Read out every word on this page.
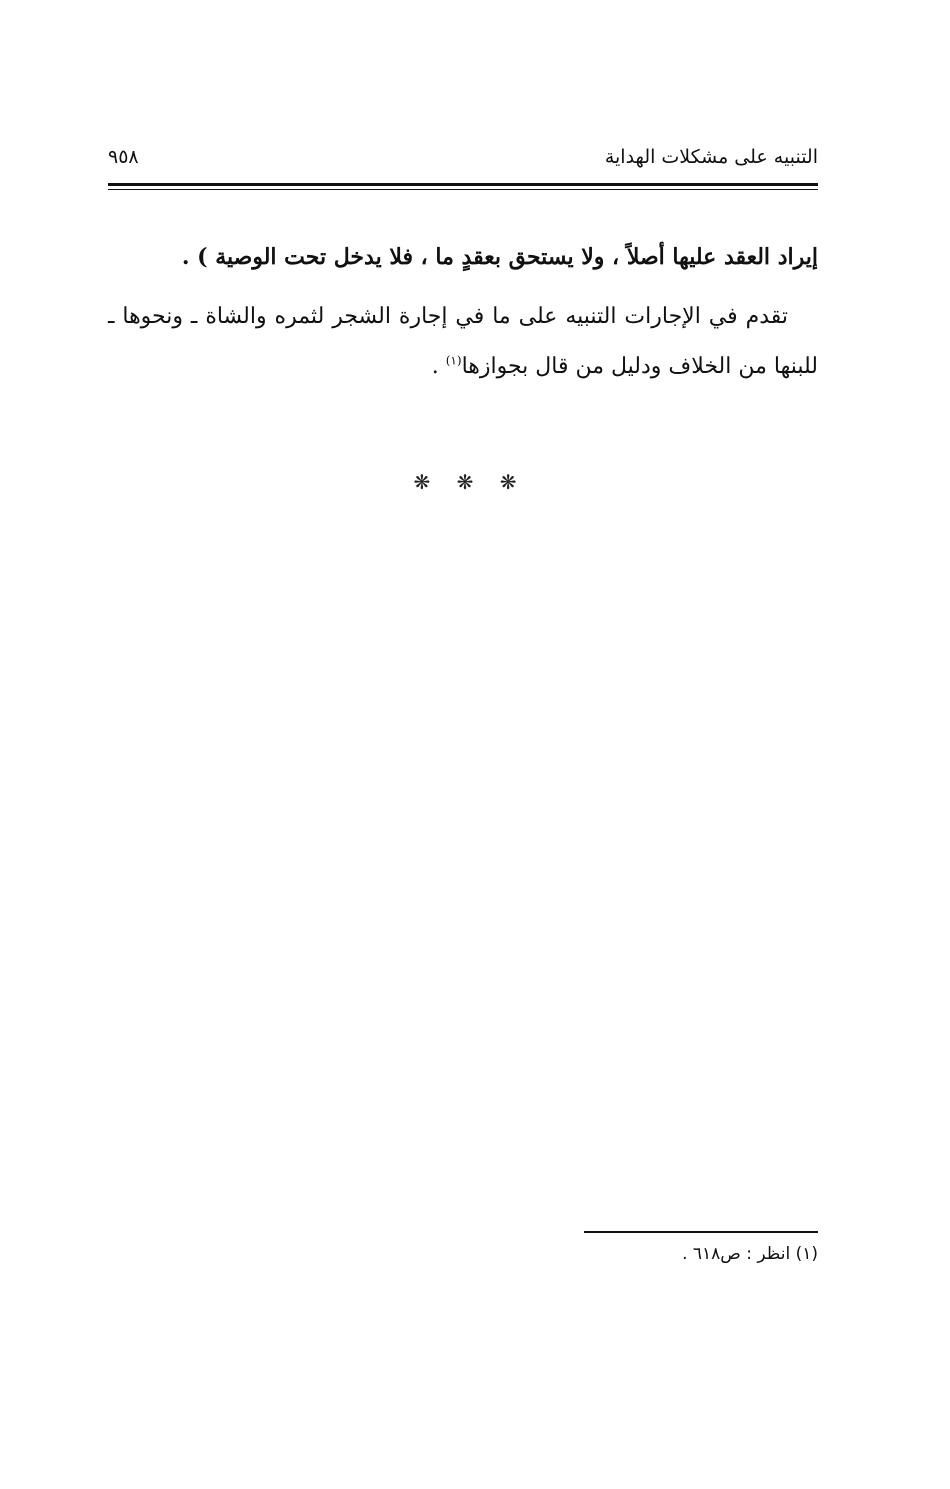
التنبيه على مشكلات الهداية
٩٥٨
إيراد العقد عليها أصلاً ، ولا يستحق بعقدٍ ما ، فلا يدخل تحت الوصية ) .
تقدم في الإجارات التنبيه على ما في إجارة الشجر لثمره والشاة ـ ونحوها ـ للبنها من الخلاف ودليل من قال بجوازها$^{(١)}$ .
❋ ❋ ❋
(١) انظر : ص٦١٨ .
